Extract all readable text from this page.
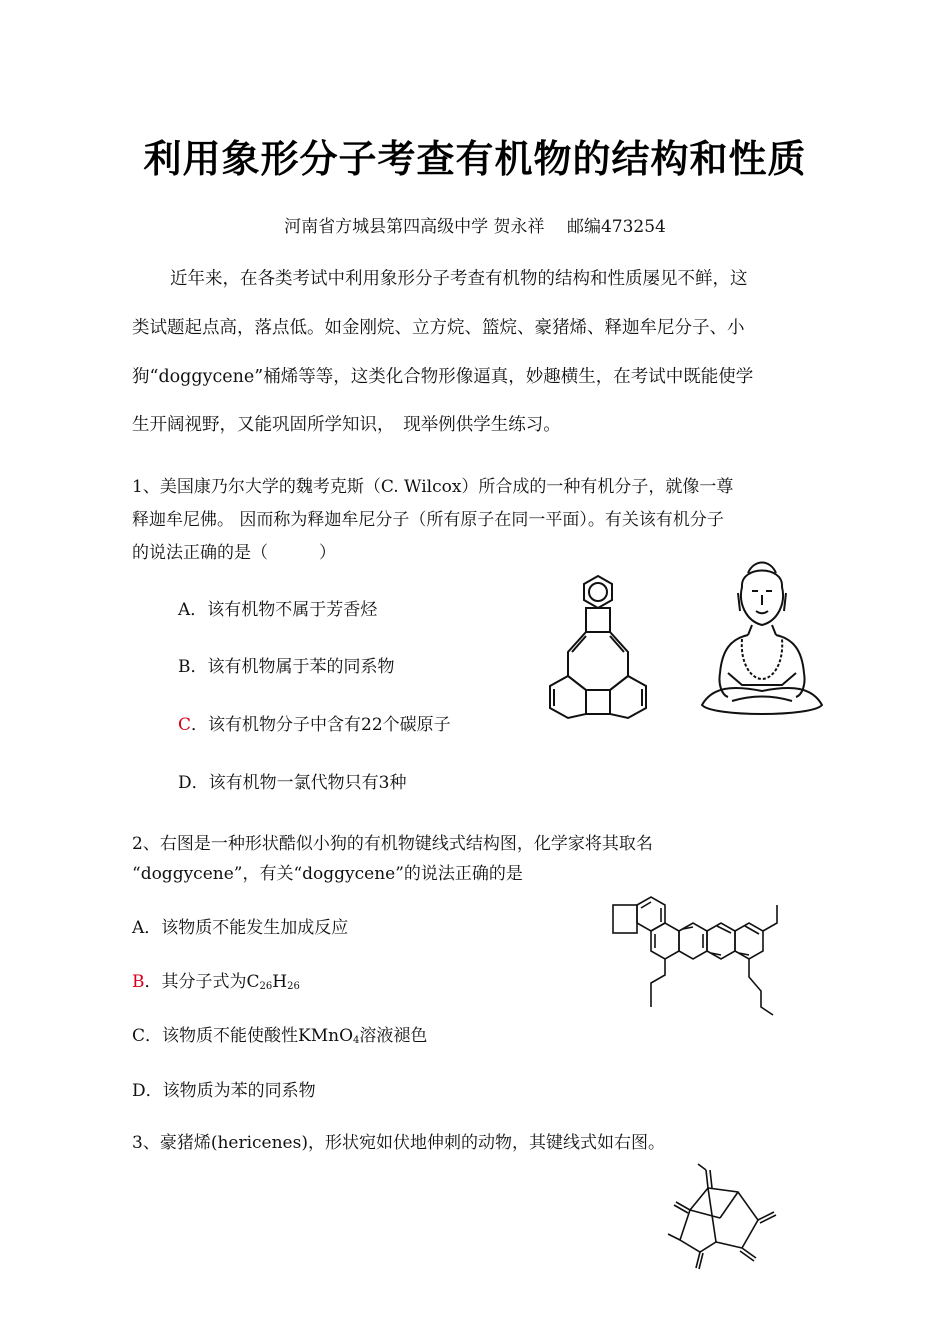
利用象形分子考查有机物的结构和性质
河南省方城县第四高级中学 贺永祥　 邮编473254
近年来，在各类考试中利用象形分子考查有机物的结构和性质屡见不鲜，这
类试题起点高，落点低。如金刚烷、立方烷、篮烷、豪猪烯、释迦牟尼分子、小
狗“doggycene”桶烯等等，这类化合物形像逼真，妙趣横生，在考试中既能使学
生开阔视野，又能巩固所学知识，　现举例供学生练习。
1、美国康乃尔大学的魏考克斯（C. Wilcox）所合成的一种有机分子，就像一尊
释迦牟尼佛。 因而称为释迦牟尼分子（所有原子在同一平面）。有关该有机分子
的说法正确的是（　　　）
A．该有机物不属于芳香烃
B．该有机物属于苯的同系物
C．该有机物分子中含有22个碳原子
D．该有机物一氯代物只有3种
2、右图是一种形状酷似小狗的有机物键线式结构图，化学家将其取名
“doggycene”，有关“doggycene”的说法正确的是
A．该物质不能发生加成反应
B．其分子式为$C_{26}H_{26}$
C．该物质不能使酸性KMnO$_4$溶液褪色
D．该物质为苯的同系物
3、豪猪烯(hericenes)，形状宛如伏地伸刺的动物，其键线式如右图。
